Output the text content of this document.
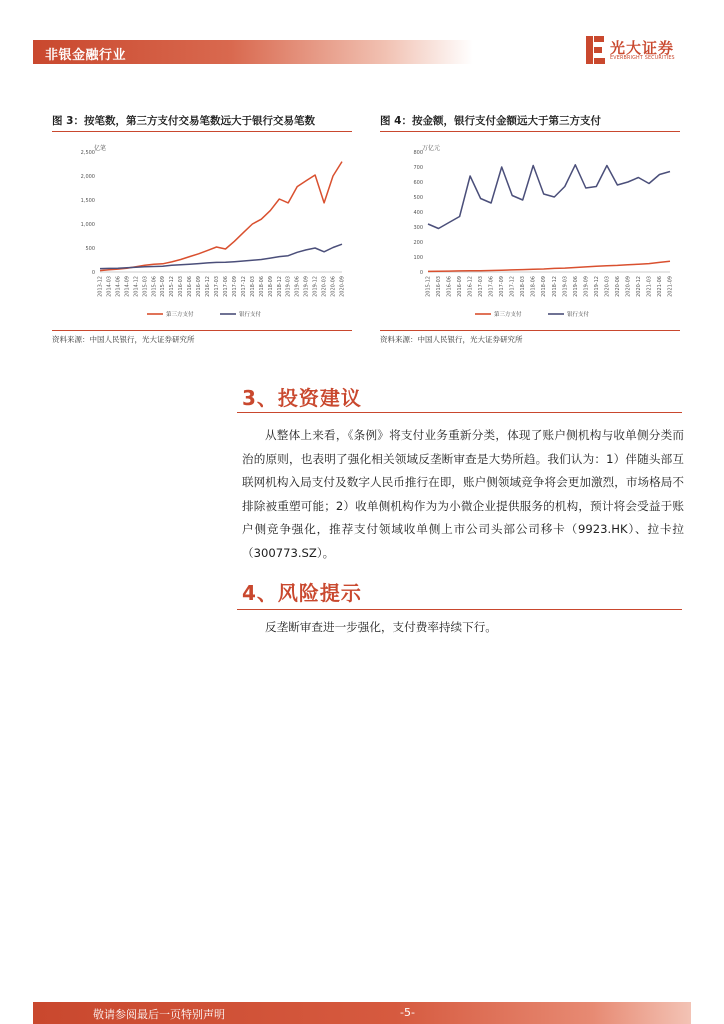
非银金融行业	光大证券
EVERBRIGHT SECURITIES
图 3：按笔数，第三方支付交易笔数远大于银行交易笔数
亿笔
0
500
1,000
1,500
2,000
2,500
2013-12 2014-03 2014-06 2014-09 2014-12 2015-03 2015-06 2015-09 2015-12 2016-03 2016-06 2016-09 2016-12 2017-03 2017-06 2017-09 2017-12 2018-03 2018-06 2018-09 2018-12 2019-03 2019-06 2019-09 2019-12 2020-03 2020-06 2020-09
第三方支付	银行支付
资料来源：中国人民银行，光大证券研究所
图 4：按金额，银行支付金额远大于第三方支付
万亿元
0
100
200
300
400
500
600
700
800
2015-12 2016-03 2016-06 2016-09 2016-12 2017-03 2017-06 2017-09 2017-12 2018-03 2018-06 2018-09 2018-12 2019-03 2019-06 2019-09 2019-12 2020-03 2020-06 2020-09 2020-12 2021-03 2021-06 2021-09
第三方支付	银行支付
资料来源：中国人民银行，光大证券研究所
3、投资建议
从整体上来看，《条例》将支付业务重新分类，体现了账户侧机构与收单侧分类而治的原则，也表明了强化相关领域反垄断审查是大势所趋。我们认为：1）伴随头部互联网机构入局支付及数字人民币推行在即，账户侧领域竞争将会更加激烈，市场格局不排除被重塑可能；2）收单侧机构作为为小微企业提供服务的机构，预计将会受益于账户侧竞争强化，推荐支付领域收单侧上市公司头部公司移卡（9923.HK）、拉卡拉（300773.SZ）。
4、风险提示
反垄断审查进一步强化，支付费率持续下行。
敬请参阅最后一页特别声明	-5-
